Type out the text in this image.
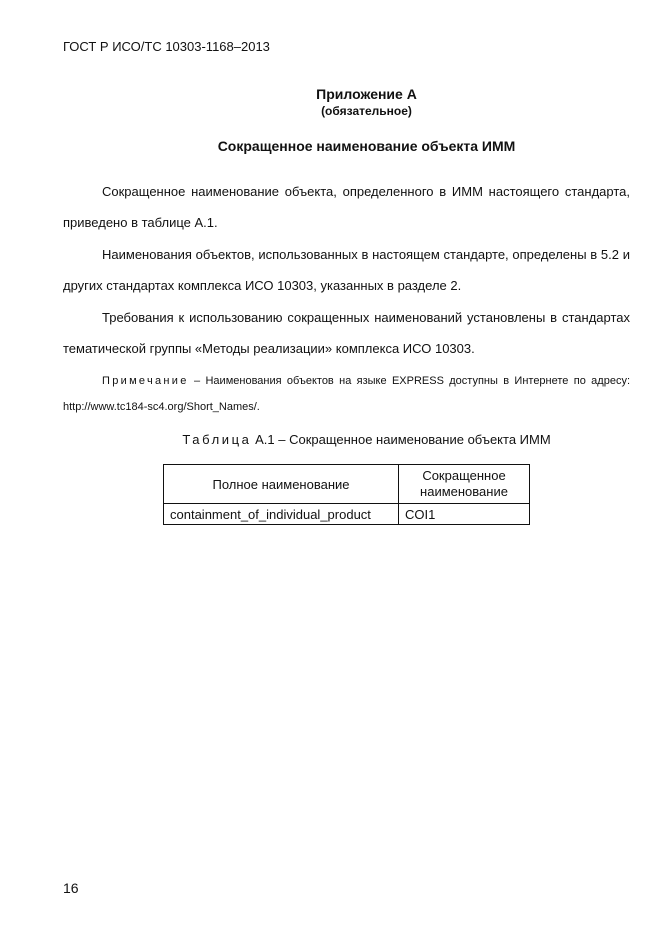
ГОСТ Р ИСО/ТС 10303-1168–2013
Приложение А
(обязательное)
Сокращенное наименование объекта ИММ

Сокращенное наименование объекта, определенного в ИММ настоящего стандарта, приведено в таблице А.1.

Наименования объектов, использованных в настоящем стандарте, определены в 5.2 и других стандартах комплекса ИСО 10303, указанных в разделе 2.

Требования к использованию сокращенных наименований установлены в стандартах тематической группы «Методы реализации» комплекса ИСО 10303.

Примечание – Наименования объектов на языке EXPRESS доступны в Интернете по адресу: http://www.tc184-sc4.org/Short_Names/.

Таблица А.1 – Сокращенное наименование объекта ИММ
Полное наименование	Сокращенное наименование
containment_of_individual_product	COI1
16
